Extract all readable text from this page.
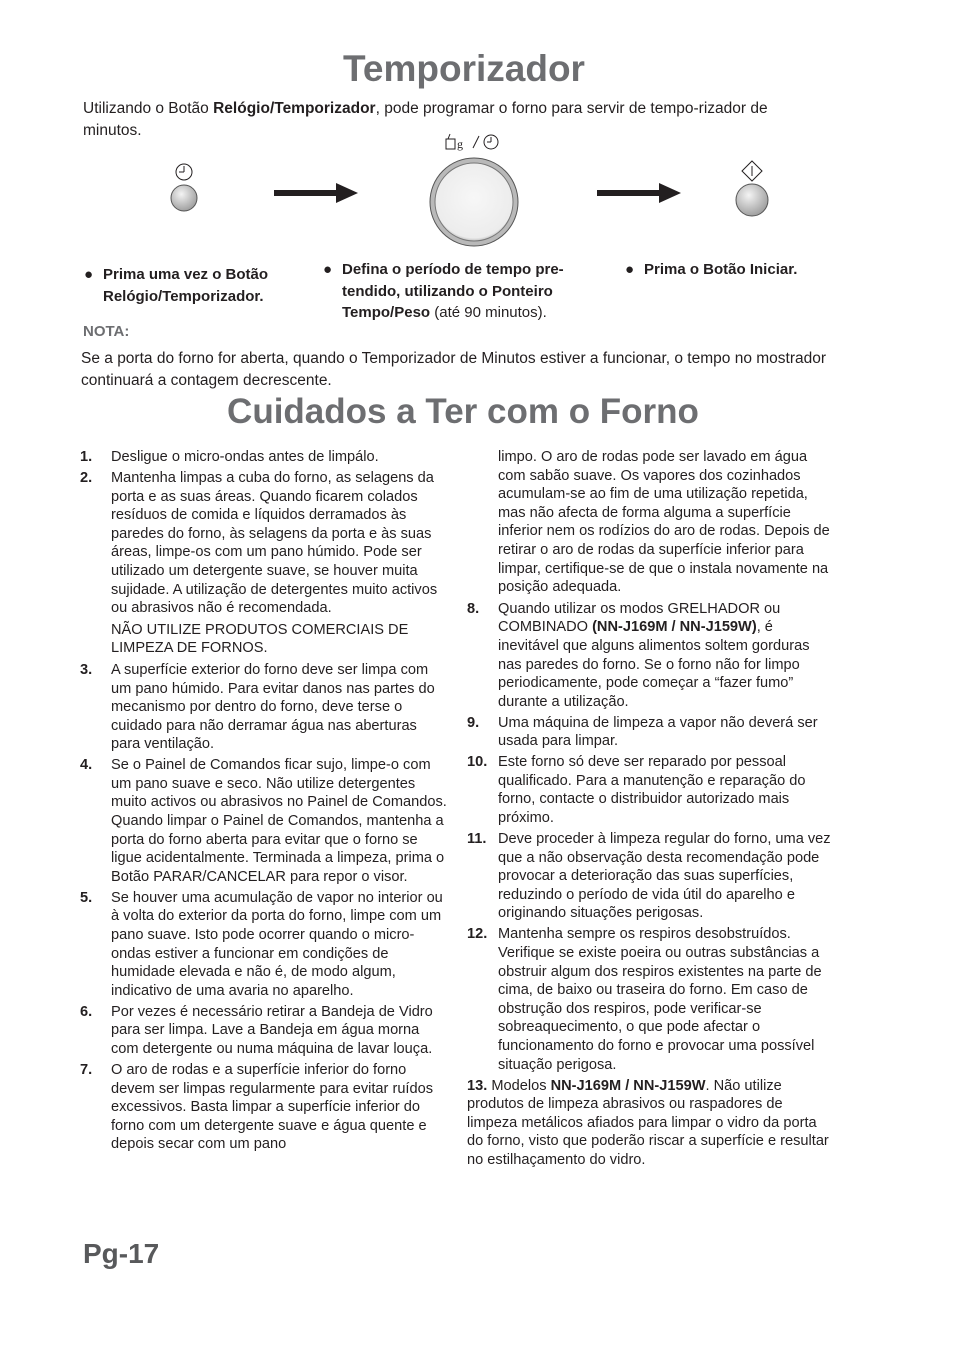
Temporizador
Utilizando o Botão Relógio/Temporizador, pode programar o forno para servir de tempo-rizador de minutos.
g
● Prima uma vez o Botão Relógio/Temporizador.
● Defina o período de tempo pre-tendido, utilizando o Ponteiro Tempo/Peso (até 90 minutos).
● Prima o Botão Iniciar.
NOTA:
Se a porta do forno for aberta, quando o Temporizador de Minutos estiver a funcionar, o tempo no mostrador continuará a contagem decrescente.
Cuidados a Ter com o Forno
1. Desligue o micro-ondas antes de limpálo.
2. Mantenha limpas a cuba do forno, as selagens da porta e as suas áreas. Quando ficarem colados resíduos de comida e líquidos derramados às paredes do forno, às selagens da porta e às suas áreas, limpe-os com um pano húmido. Pode ser utilizado um detergente suave, se houver muita sujidade. A utilização de detergentes muito activos ou abrasivos não é recomendada.
NÃO UTILIZE PRODUTOS COMERCIAIS DE LIMPEZA DE FORNOS.
3. A superfície exterior do forno deve ser limpa com um pano húmido. Para evitar danos nas partes do mecanismo por dentro do forno, deve terse o cuidado para não derramar água nas aberturas para ventilação.
4. Se o Painel de Comandos ficar sujo, limpe-o com um pano suave e seco. Não utilize detergentes muito activos ou abrasivos no Painel de Comandos. Quando limpar o Painel de Comandos, mantenha a porta do forno aberta para evitar que o forno se ligue acidentalmente. Terminada a limpeza, prima o Botão PARAR/CANCELAR para repor o visor.
5. Se houver uma acumulação de vapor no interior ou à volta do exterior da porta do forno, limpe com um pano suave. Isto pode ocorrer quando o micro-ondas estiver a funcionar em condições de humidade elevada e não é, de modo algum, indicativo de uma avaria no aparelho.
6. Por vezes é necessário retirar a Bandeja de Vidro para ser limpa. Lave a Bandeja em água morna com detergente ou numa máquina de lavar louça.
7. O aro de rodas e a superfície inferior do forno devem ser limpas regularmente para evitar ruídos excessivos. Basta limpar a superfície inferior do forno com um detergente suave e água quente e depois secar com um pano
limpo. O aro de rodas pode ser lavado em água com sabão suave. Os vapores dos cozinhados acumulam-se ao fim de uma utilização repetida, mas não afecta de forma alguma a superfície inferior nem os rodízios do aro de rodas. Depois de retirar o aro de rodas da superfície inferior para limpar, certifique-se de que o instala novamente na posição adequada.
8. Quando utilizar os modos GRELHADOR ou COMBINADO (NN-J169M / NN-J159W), é inevitável que alguns alimentos soltem gorduras nas paredes do forno. Se o forno não for limpo periodicamente, pode começar a “fazer fumo” durante a utilização.
9. Uma máquina de limpeza a vapor não deverá ser usada para limpar.
10. Este forno só deve ser reparado por pessoal qualificado. Para a manutenção e reparação do forno, contacte o distribuidor autorizado mais próximo.
11. Deve proceder à limpeza regular do forno, uma vez que a não observação desta recomendação pode provocar a deterioração das suas superfícies, reduzindo o período de vida útil do aparelho e originando situações perigosas.
12. Mantenha sempre os respiros desobstruídos. Verifique se existe poeira ou outras substâncias a obstruir algum dos respiros existentes na parte de cima, de baixo ou traseira do forno. Em caso de obstrução dos respiros, pode verificar-se sobreaquecimento, o que pode afectar o funcionamento do forno e provocar uma possível situação perigosa.
13. Modelos NN-J169M / NN-J159W. Não utilize produtos de limpeza abrasivos ou raspadores de limpeza metálicos afiados para limpar o vidro da porta do forno, visto que poderão riscar a superfície e resultar no estilhaçamento do vidro.
Pg-17
